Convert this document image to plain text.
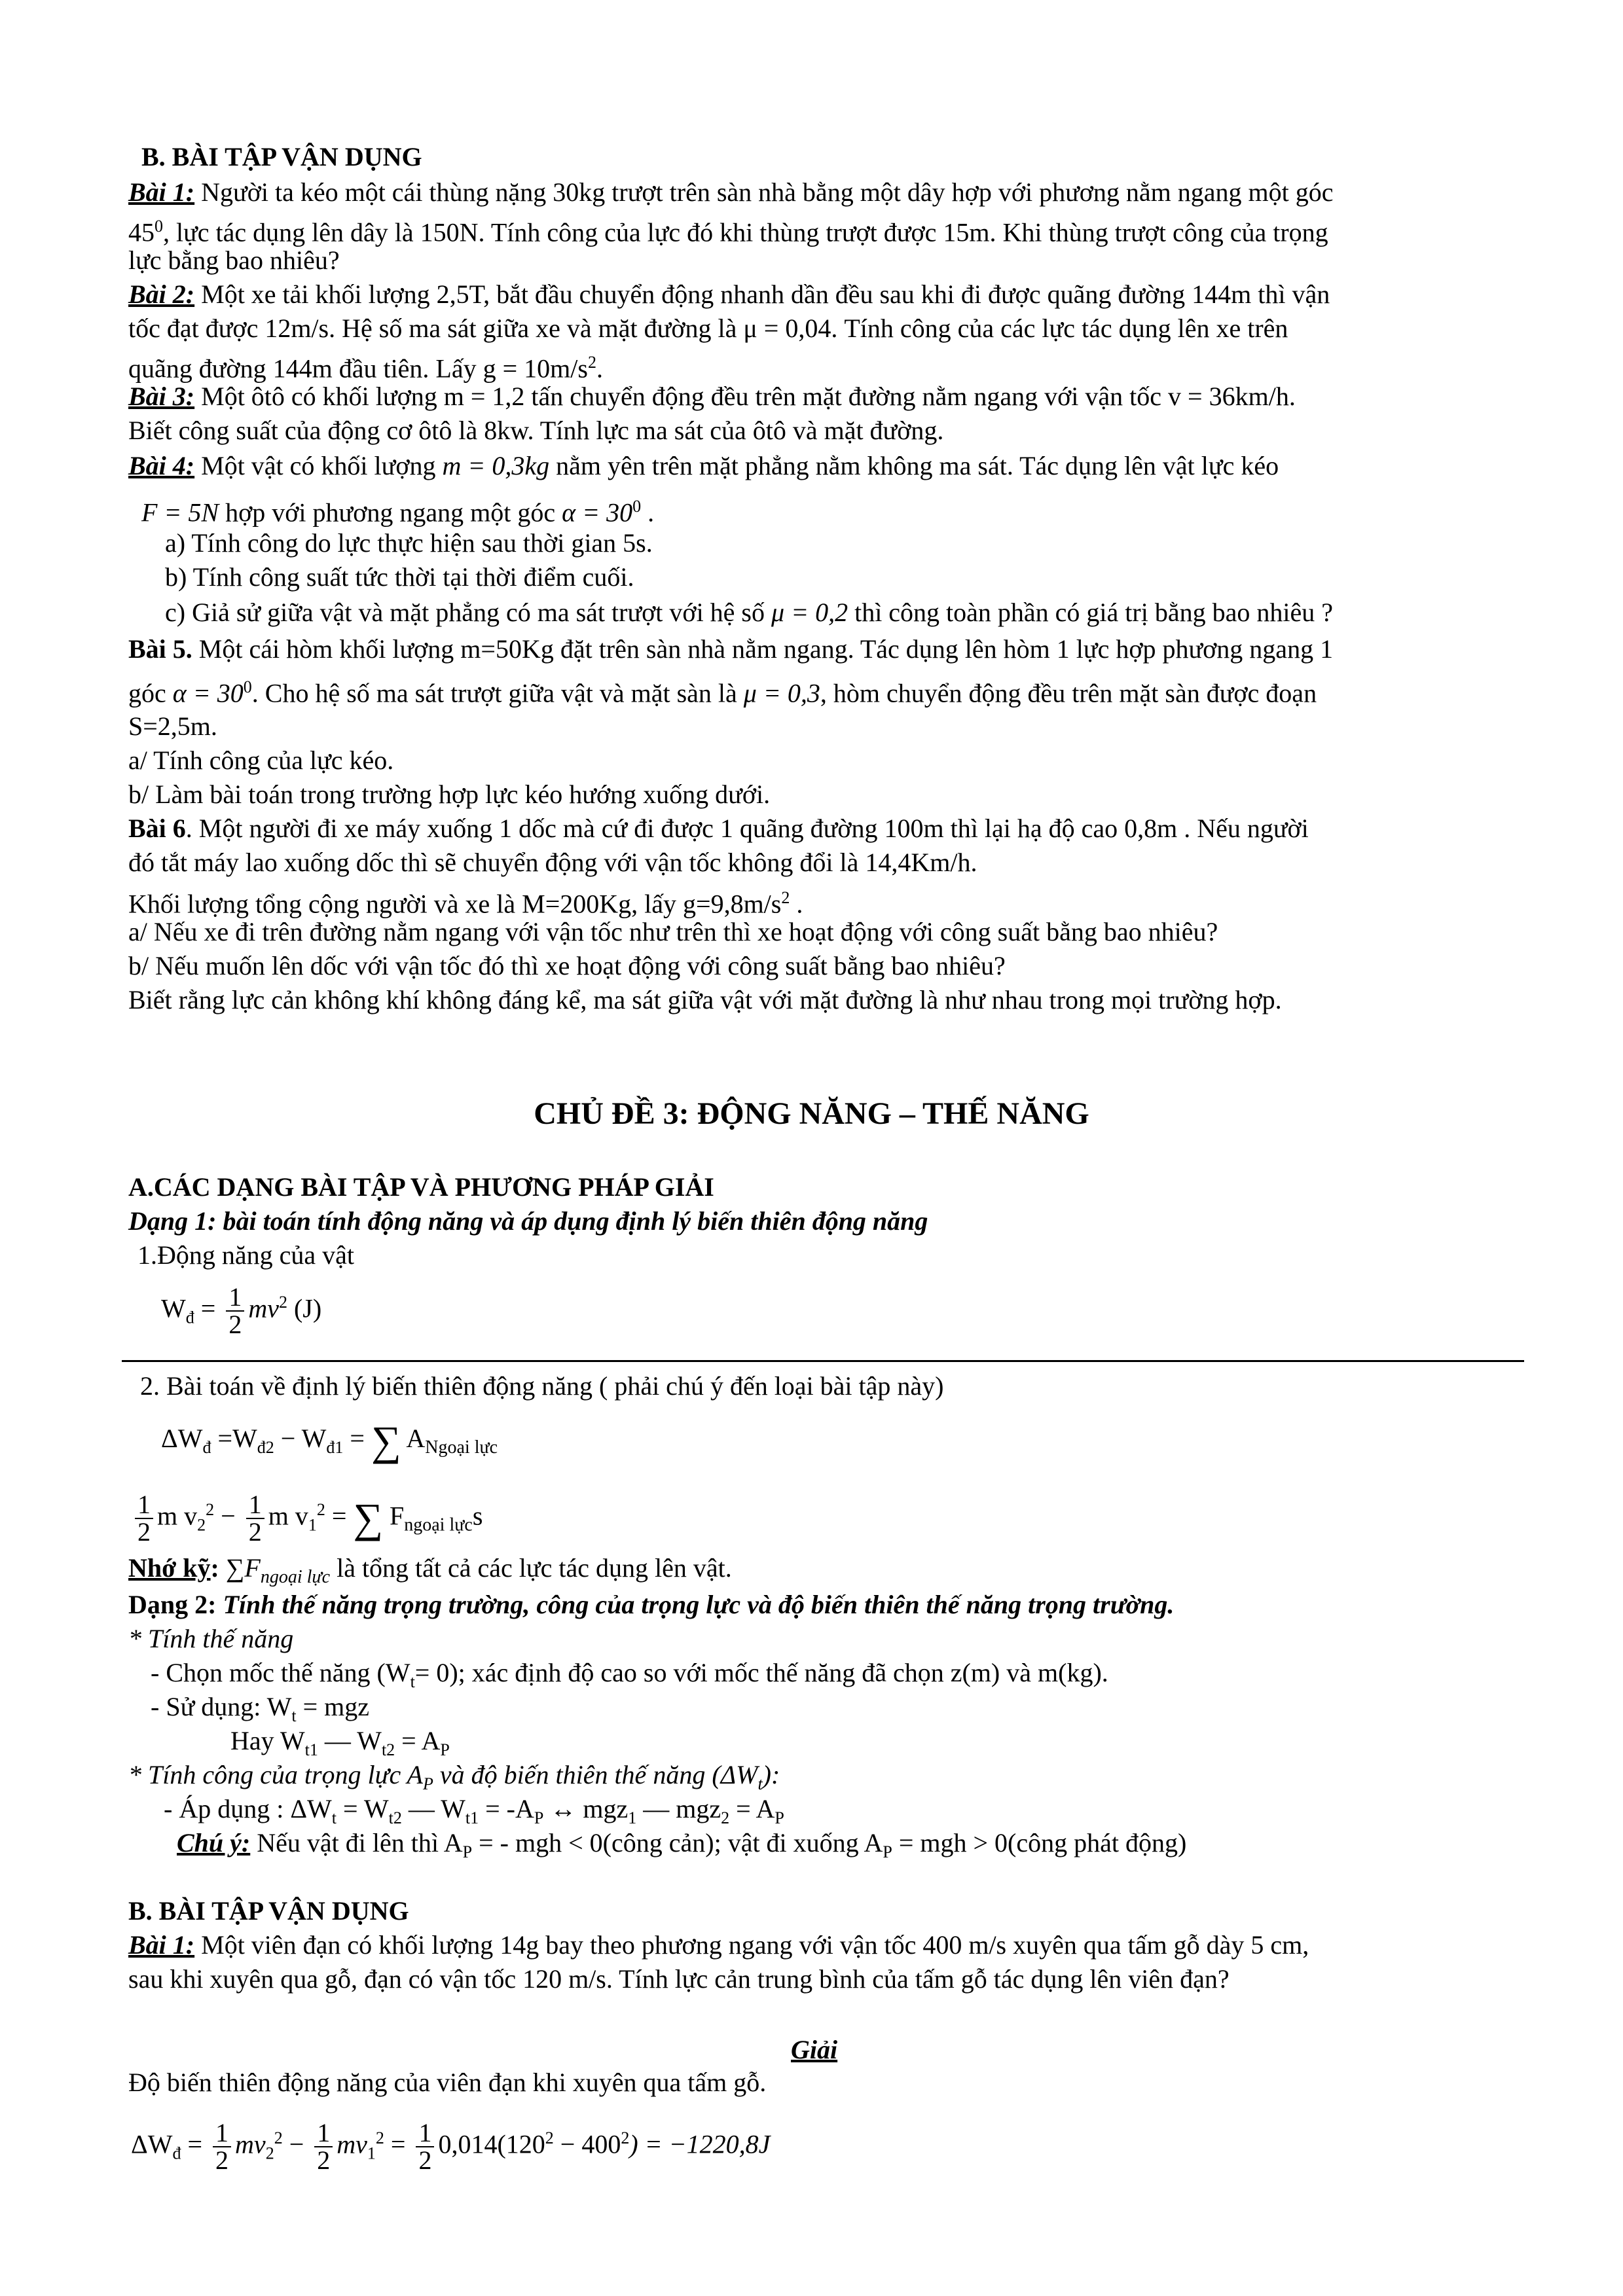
B. BÀI TẬP VẬN DỤNG
Bài 1: Người ta kéo một cái thùng nặng 30kg trượt trên sàn nhà bằng một dây hợp với phương nằm ngang một góc
$45^0$, lực tác dụng lên dây là 150N. Tính công của lực đó khi thùng trượt được 15m. Khi thùng trượt công của trọng
lực bằng bao nhiêu?
Bài 2: Một xe tải khối lượng 2,5T, bắt đầu chuyển động nhanh dần đều sau khi đi được quãng đường 144m thì vận
tốc đạt được 12m/s. Hệ số ma sát giữa xe và mặt đường là μ = 0,04. Tính công của các lực tác dụng lên xe trên
quãng đường 144m đầu tiên. Lấy $g = 10m/s^2$.
Bài 3: Một ôtô có khối lượng m = 1,2 tấn chuyển động đều trên mặt đường nằm ngang với vận tốc v = 36km/h.
Biết công suất của động cơ ôtô là 8kw. Tính lực ma sát của ôtô và mặt đường.
Bài 4: Một vật có khối lượng m = 0,3kg nằm yên trên mặt phẳng nằm không ma sát. Tác dụng lên vật lực kéo
F = 5N hợp với phương ngang một góc $\alpha = 30^0$ .
a) Tính công do lực thực hiện sau thời gian 5s.
b) Tính công suất tức thời tại thời điểm cuối.
c) Giả sử giữa vật và mặt phẳng có ma sát trượt với hệ số μ = 0,2 thì công toàn phần có giá trị bằng bao nhiêu ?
Bài 5. Một cái hòm khối lượng m=50Kg đặt trên sàn nhà nằm ngang. Tác dụng lên hòm 1 lực hợp phương ngang 1
góc $\alpha = 30^0$. Cho hệ số ma sát trượt giữa vật và mặt sàn là μ = 0,3, hòm chuyển động đều trên mặt sàn được đoạn
S=2,5m.
a/ Tính công của lực kéo.
b/ Làm bài toán trong trường hợp lực kéo hướng xuống dưới.
Bài 6. Một người đi xe máy xuống 1 dốc mà cứ đi được 1 quãng đường 100m thì lại hạ độ cao 0,8m . Nếu người
đó tắt máy lao xuống dốc thì sẽ chuyển động với vận tốc không đổi là 14,4Km/h.
Khối lượng tổng cộng người và xe là M=200Kg, lấy $g=9,8m/s^2$ .
a/ Nếu xe đi trên đường nằm ngang với vận tốc như trên thì xe hoạt động với công suất bằng bao nhiêu?
b/ Nếu muốn lên dốc với vận tốc đó thì xe hoạt động với công suất bằng bao nhiêu?
Biết rằng lực cản không khí không đáng kể, ma sát giữa vật với mặt đường là như nhau trong mọi trường hợp.
CHỦ ĐỀ 3: ĐỘNG NĂNG – THẾ NĂNG
A.CÁC DẠNG BÀI TẬP VÀ PHƯƠNG PHÁP GIẢI
Dạng 1: bài toán tính động năng và áp dụng định lý biến thiên động năng
1.Động năng của vật
$W_đ = \frac{1}{2} mv^2$ (J)
2. Bài toán về định lý biến thiên động năng ( phải chú ý đến loại bài tập này)
$\Delta W_đ =W_{đ2} - W_{đ1}$ = ∑ $A_{Ngoại lực}$
$\frac{1}{2}$ m $v_2^2 - \frac{1}{2}$ m $v_1^2$ = ∑ $F_{ngoại lực}s$
Nhớ kỹ: $\sum F_{ngoại lực}$ là tổng tất cả các lực tác dụng lên vật.
Dạng 2: Tính thế năng trọng trường, công của trọng lực và độ biến thiên thế năng trọng trường.
* Tính thế năng
- Chọn mốc thế năng $(W_t= 0)$; xác định độ cao so với mốc thế năng đã chọn z(m) và m(kg).
- Sử dụng: $W_t$ = mgz
Hay $W_{t1}$ — $W_{t2} = A_P$
* Tính công của trọng lực $A_P$ và độ biến thiên thế năng $(\Delta W_t)$:
- Áp dụng : $\Delta W_t = W_{t2}$ — $W_{t1} = -A_P$ ↔ mgz$_1$ — $mgz_2 = A_P$
Chú ý: Nếu vật đi lên thì $A_P$ = - mgh < 0(công cản); vật đi xuống $A_P$ = mgh > 0(công phát động)
B. BÀI TẬP VẬN DỤNG
Bài 1: Một viên đạn có khối lượng 14g bay theo phương ngang với vận tốc 400 m/s xuyên qua tấm gỗ dày 5 cm,
sau khi xuyên qua gỗ, đạn có vận tốc 120 m/s. Tính lực cản trung bình của tấm gỗ tác dụng lên viên đạn?
Giải
Độ biến thiên động năng của viên đạn khi xuyên qua tấm gỗ.
$\Delta W_đ = \frac{1}{2} mv_2^2 - \frac{1}{2} mv_1^2 = \frac{1}{2} 0,014(120^2 - 400^2) = -1220,8J$
